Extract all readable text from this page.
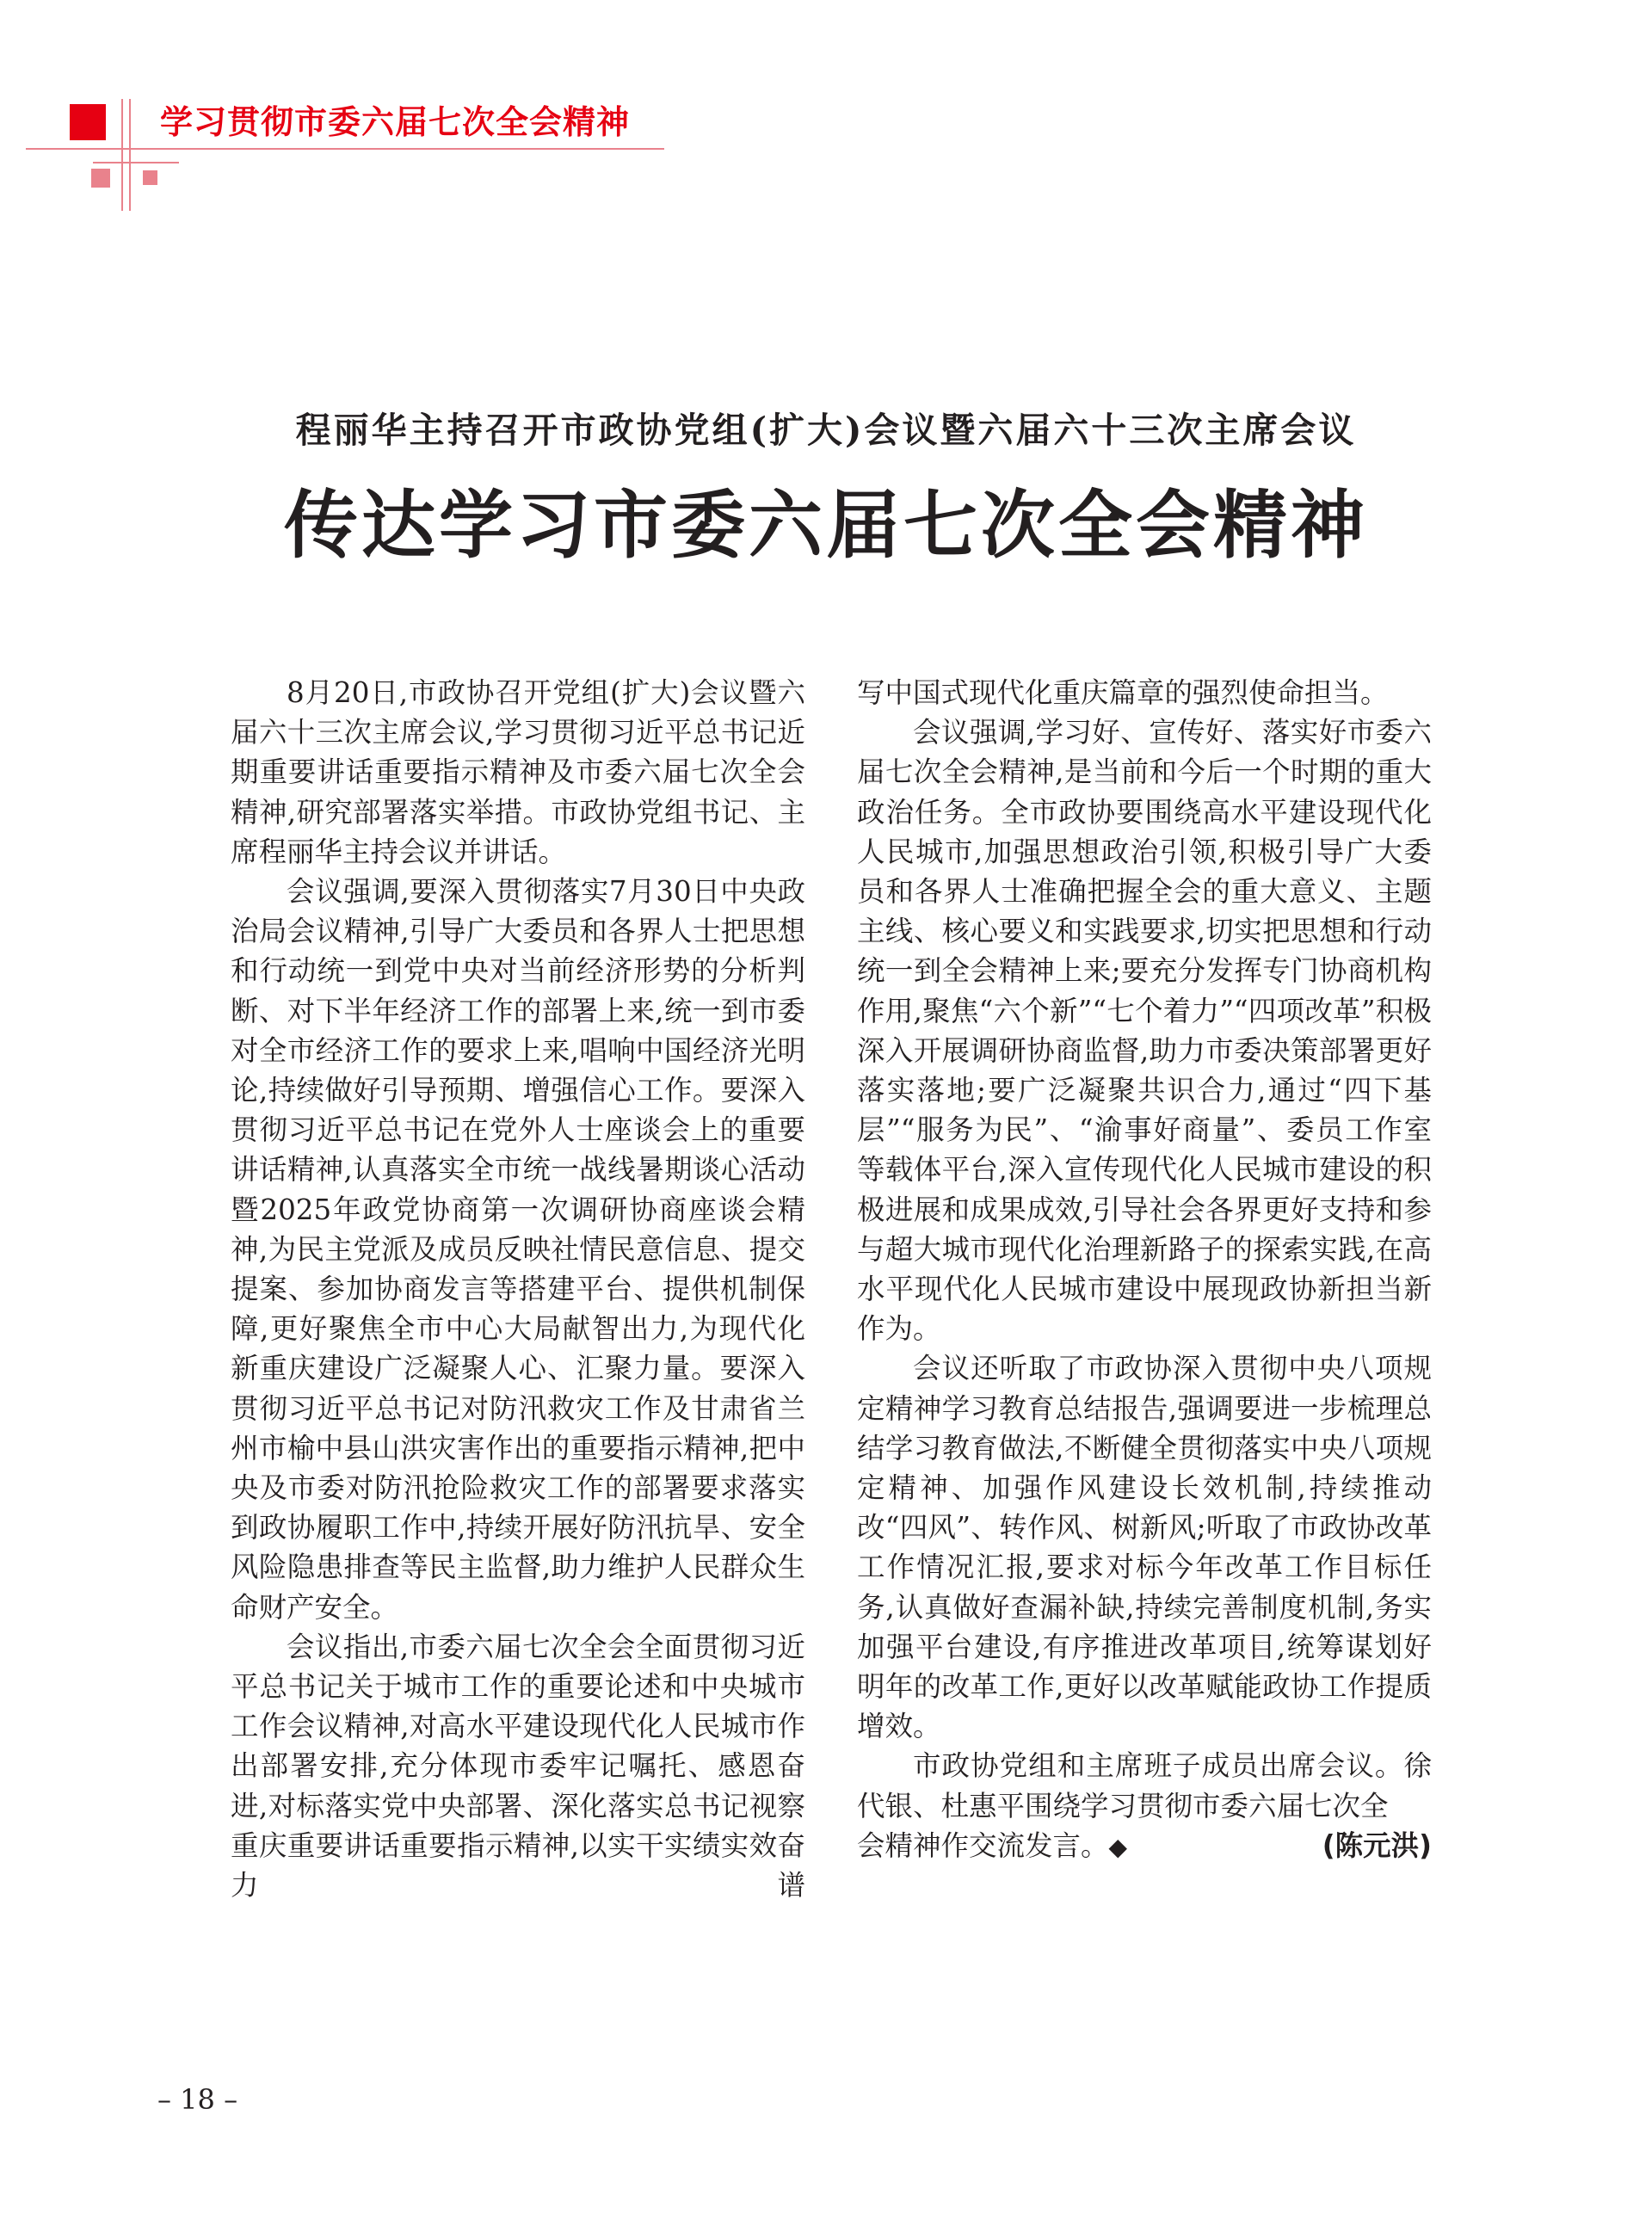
学习贯彻市委六届七次全会精神
程丽华主持召开市政协党组(扩大)会议暨六届六十三次主席会议
传达学习市委六届七次全会精神

8月20日,市政协召开党组(扩大)会议暨六届六十三次主席会议,学习贯彻习近平总书记近期重要讲话重要指示精神及市委六届七次全会精神,研究部署落实举措。市政协党组书记、主席程丽华主持会议并讲话。

会议强调,要深入贯彻落实7月30日中央政治局会议精神,引导广大委员和各界人士把思想和行动统一到党中央对当前经济形势的分析判断、对下半年经济工作的部署上来,统一到市委对全市经济工作的要求上来,唱响中国经济光明论,持续做好引导预期、增强信心工作。要深入贯彻习近平总书记在党外人士座谈会上的重要讲话精神,认真落实全市统一战线暑期谈心活动暨2025年政党协商第一次调研协商座谈会精神,为民主党派及成员反映社情民意信息、提交提案、参加协商发言等搭建平台、提供机制保障,更好聚焦全市中心大局献智出力,为现代化新重庆建设广泛凝聚人心、汇聚力量。要深入贯彻习近平总书记对防汛救灾工作及甘肃省兰州市榆中县山洪灾害作出的重要指示精神,把中央及市委对防汛抢险救灾工作的部署要求落实到政协履职工作中,持续开展好防汛抗旱、安全风险隐患排查等民主监督,助力维护人民群众生命财产安全。

会议指出,市委六届七次全会全面贯彻习近平总书记关于城市工作的重要论述和中央城市工作会议精神,对高水平建设现代化人民城市作出部署安排,充分体现市委牢记嘱托、感恩奋进,对标落实党中央部署、深化落实总书记视察重庆重要讲话重要指示精神,以实干实绩实效奋力谱

写中国式现代化重庆篇章的强烈使命担当。

会议强调,学习好、宣传好、落实好市委六届七次全会精神,是当前和今后一个时期的重大政治任务。全市政协要围绕高水平建设现代化人民城市,加强思想政治引领,积极引导广大委员和各界人士准确把握全会的重大意义、主题主线、核心要义和实践要求,切实把思想和行动统一到全会精神上来;要充分发挥专门协商机构作用,聚焦“六个新”“七个着力”“四项改革”积极深入开展调研协商监督,助力市委决策部署更好落实落地;要广泛凝聚共识合力,通过“四下基层”“服务为民”、“渝事好商量”、委员工作室等载体平台,深入宣传现代化人民城市建设的积极进展和成果成效,引导社会各界更好支持和参与超大城市现代化治理新路子的探索实践,在高水平现代化人民城市建设中展现政协新担当新作为。

会议还听取了市政协深入贯彻中央八项规定精神学习教育总结报告,强调要进一步梳理总结学习教育做法,不断健全贯彻落实中央八项规定精神、加强作风建设长效机制,持续推动改“四风”、转作风、树新风;听取了市政协改革工作情况汇报,要求对标今年改革工作目标任务,认真做好查漏补缺,持续完善制度机制,务实加强平台建设,有序推进改革项目,统筹谋划好明年的改革工作,更好以改革赋能政协工作提质增效。

市政协党组和主席班子成员出席会议。徐代银、杜惠平围绕学习贯彻市委六届七次全

会精神作交流发言。◆	(陈元洪)

– 18 –
